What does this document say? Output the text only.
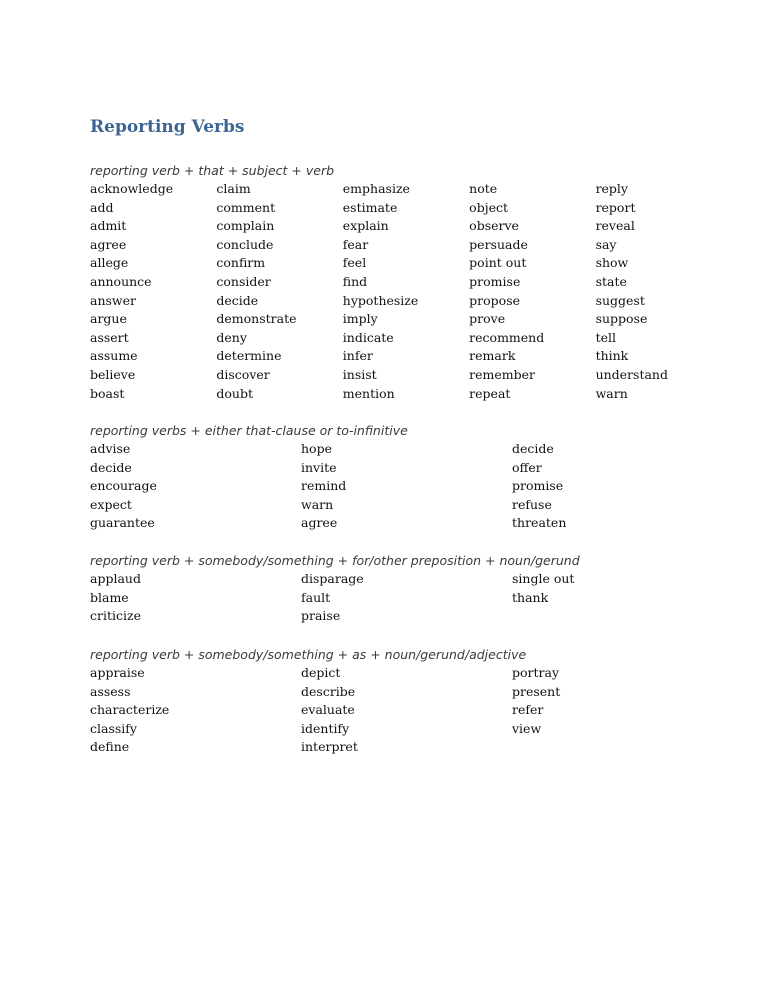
Reporting Verbs
reporting verb + that + subject + verb
acknowledge
add
admit
agree
allege
announce
answer
argue
assert
assume
believe
boast
claim
comment
complain
conclude
confirm
consider
decide
demonstrate
deny
determine
discover
doubt
emphasize
estimate
explain
fear
feel
find
hypothesize
imply
indicate
infer
insist
mention
note
object
observe
persuade
point out
promise
propose
prove
recommend
remark
remember
repeat
reply
report
reveal
say
show
state
suggest
suppose
tell
think
understand
warn
reporting verbs + either that-clause or to-infinitive
advise
decide
encourage
expect
guarantee
hope
invite
remind
warn
agree
decide
offer
promise
refuse
threaten
reporting verb + somebody/something + for/other preposition + noun/gerund
applaud
blame
criticize
disparage
fault
praise
single out
thank
reporting verb + somebody/something + as + noun/gerund/adjective
appraise
assess
characterize
classify
define
depict
describe
evaluate
identify
interpret
portray
present
refer
view
